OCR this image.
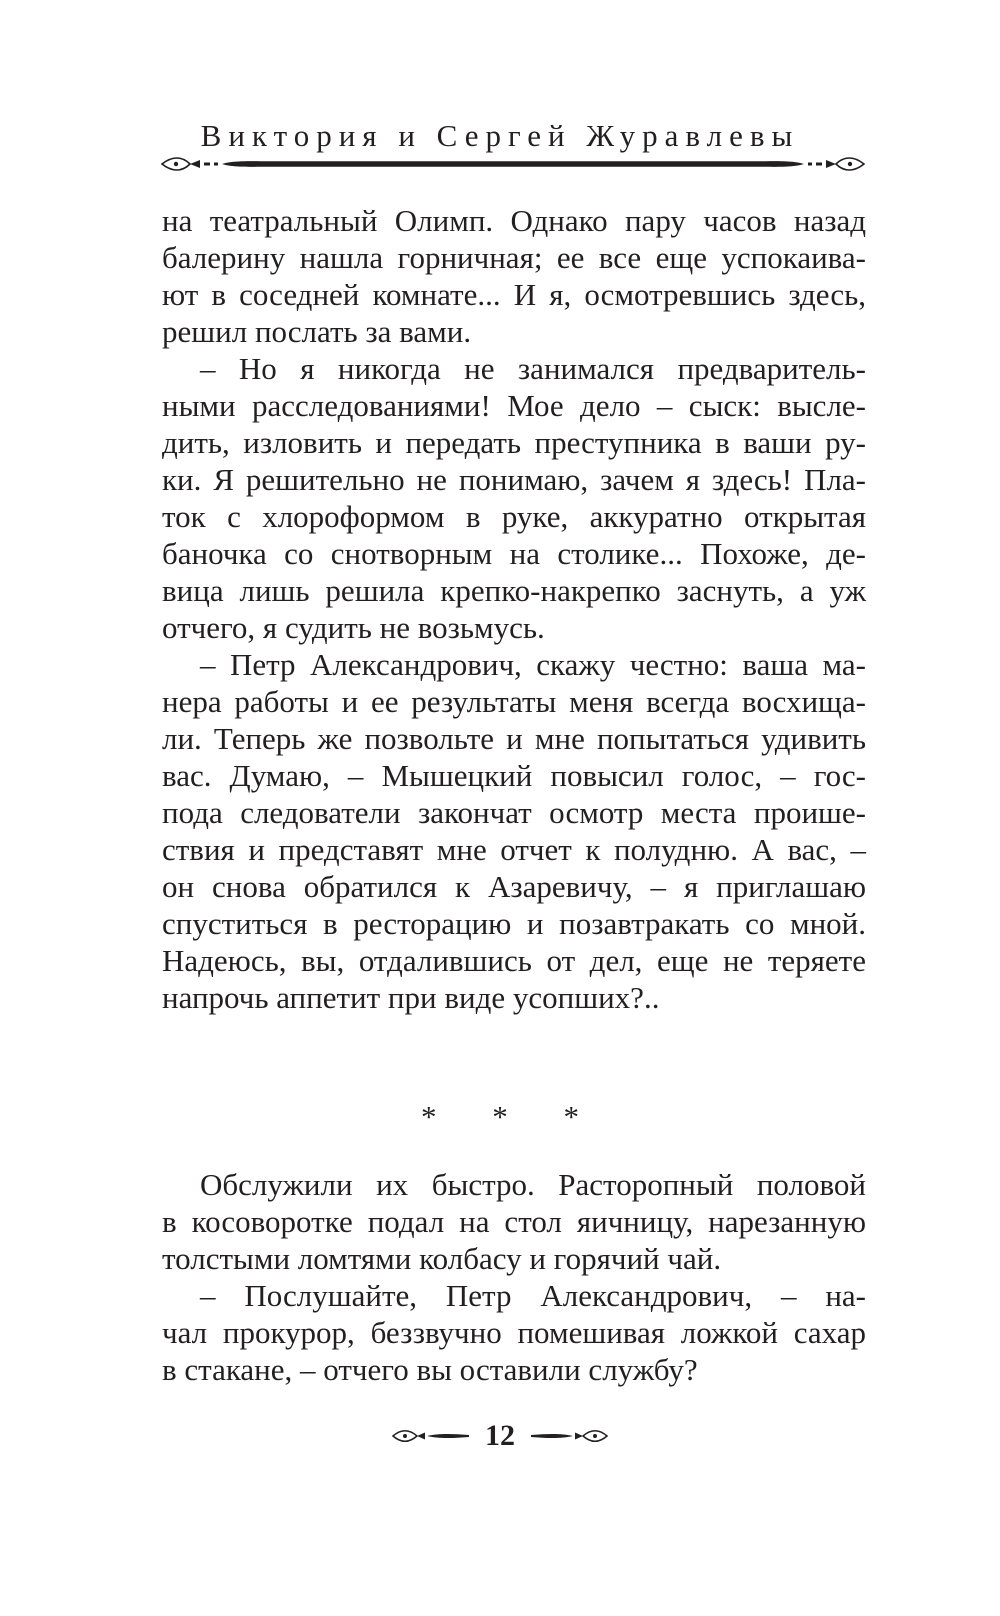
Виктория и Сергей Журавлевы
на театральный Олимп. Однако пару часов назад
балерину нашла горничная; ее все еще успокаива-
ют в соседней комнате... И я, осмотревшись здесь,
решил послать за вами.
– Но я никогда не занимался предваритель-
ными расследованиями! Мое дело – сыск: высле-
дить, изловить и передать преступника в ваши ру-
ки. Я решительно не понимаю, зачем я здесь! Пла-
ток с хлороформом в руке, аккуратно открытая
баночка со снотворным на столике... Похоже, де-
вица лишь решила крепко-накрепко заснуть, а уж
отчего, я судить не возьмусь.
– Петр Александрович, скажу честно: ваша ма-
нера работы и ее результаты меня всегда восхища-
ли. Теперь же позвольте и мне попытаться удивить
вас. Думаю, – Мышецкий повысил голос, – гос-
пода следователи закончат осмотр места проише-
ствия и представят мне отчет к полудню. А вас, –
он снова обратился к Азаревичу, – я приглашаю
спуститься в ресторацию и позавтракать со мной.
Надеюсь, вы, отдалившись от дел, еще не теряете
напрочь аппетит при виде усопших?..
* * *
Обслужили их быстро. Расторопный половой
в косоворотке подал на стол яичницу, нарезанную
толстыми ломтями колбасу и горячий чай.
– Послушайте, Петр Александрович, – на-
чал прокурор, беззвучно помешивая ложкой сахар
в стакане, – отчего вы оставили службу?
12
